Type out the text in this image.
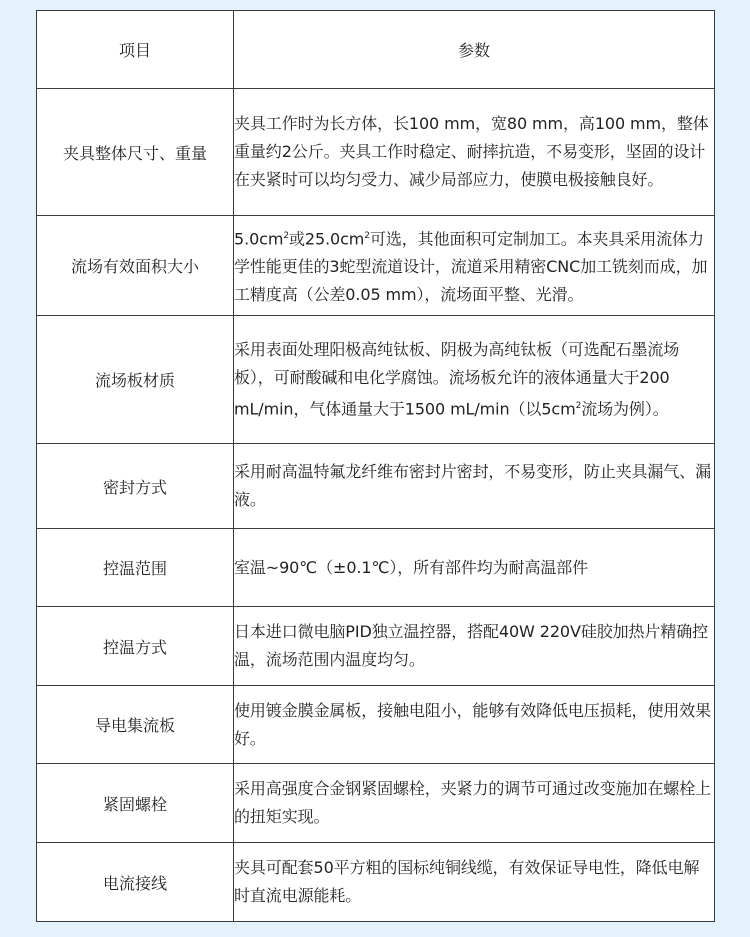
项目	参数
夹具整体尺寸、重量	夹具工作时为长方体，长100 mm，宽80 mm，高100 mm，整体重量约2公斤。夹具工作时稳定、耐摔抗造，不易变形，坚固的设计在夹紧时可以均匀受力、减少局部应力，使膜电极接触良好。
流场有效面积大小	$5.0cm^2$或$25.0cm^2$可选，其他面积可定制加工。本夹具采用流体力学性能更佳的3蛇型流道设计，流道采用精密CNC加工铣刻而成，加工精度高（公差0.05 mm），流场面平整、光滑。
流场板材质	采用表面处理阳极高纯钛板、阴极为高纯钛板（可选配石墨流场板），可耐酸碱和电化学腐蚀。流场板允许的液体通量大于200 mL/min，气体通量大于1500 mL/min（以$5cm^2$流场为例）。
密封方式	采用耐高温特氟龙纤维布密封片密封，不易变形，防止夹具漏气、漏液。
控温范围	室温~90℃（±0.1℃），所有部件均为耐高温部件
控温方式	日本进口微电脑PID独立温控器，搭配40W 220V硅胶加热片精确控温，流场范围内温度均匀。
导电集流板	使用镀金膜金属板，接触电阻小，能够有效降低电压损耗，使用效果好。
紧固螺栓	采用高强度合金钢紧固螺栓，夹紧力的调节可通过改变施加在螺栓上的扭矩实现。
电流接线	夹具可配套50平方粗的国标纯铜线缆，有效保证导电性，降低电解时直流电源能耗。
